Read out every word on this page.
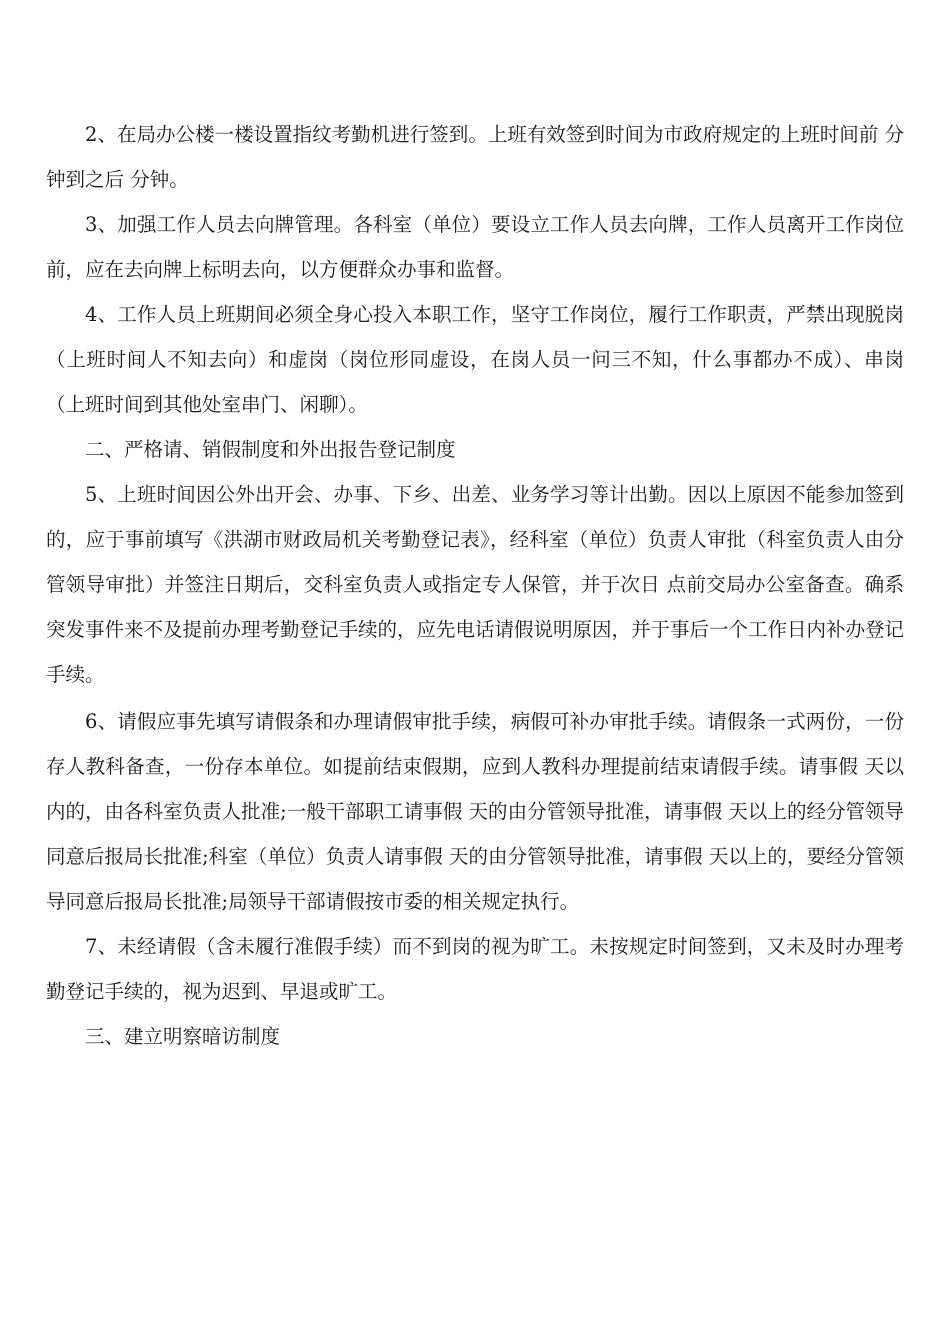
2、在局办公楼一楼设置指纹考勤机进行签到。上班有效签到时间为市政府规定的上班时间前 分钟到之后 分钟。

3、加强工作人员去向牌管理。各科室（单位）要设立工作人员去向牌，工作人员离开工作岗位前，应在去向牌上标明去向，以方便群众办事和监督。

4、工作人员上班期间必须全身心投入本职工作，坚守工作岗位，履行工作职责，严禁出现脱岗（上班时间人不知去向）和虚岗（岗位形同虚设，在岗人员一问三不知，什么事都办不成）、串岗（上班时间到其他处室串门、闲聊）。

二、严格请、销假制度和外出报告登记制度

5、上班时间因公外出开会、办事、下乡、出差、业务学习等计出勤。因以上原因不能参加签到的，应于事前填写《洪湖市财政局机关考勤登记表》，经科室（单位）负责人审批（科室负责人由分管领导审批）并签注日期后，交科室负责人或指定专人保管，并于次日 点前交局办公室备查。确系突发事件来不及提前办理考勤登记手续的，应先电话请假说明原因，并于事后一个工作日内补办登记手续。

6、请假应事先填写请假条和办理请假审批手续，病假可补办审批手续。请假条一式两份，一份存人教科备查，一份存本单位。如提前结束假期，应到人教科办理提前结束请假手续。请事假 天以内的，由各科室负责人批准;一般干部职工请事假 天的由分管领导批准，请事假 天以上的经分管领导同意后报局长批准;科室（单位）负责人请事假 天的由分管领导批准，请事假 天以上的，要经分管领导同意后报局长批准;局领导干部请假按市委的相关规定执行。

7、未经请假（含未履行准假手续）而不到岗的视为旷工。未按规定时间签到，又未及时办理考勤登记手续的，视为迟到、早退或旷工。

三、建立明察暗访制度
